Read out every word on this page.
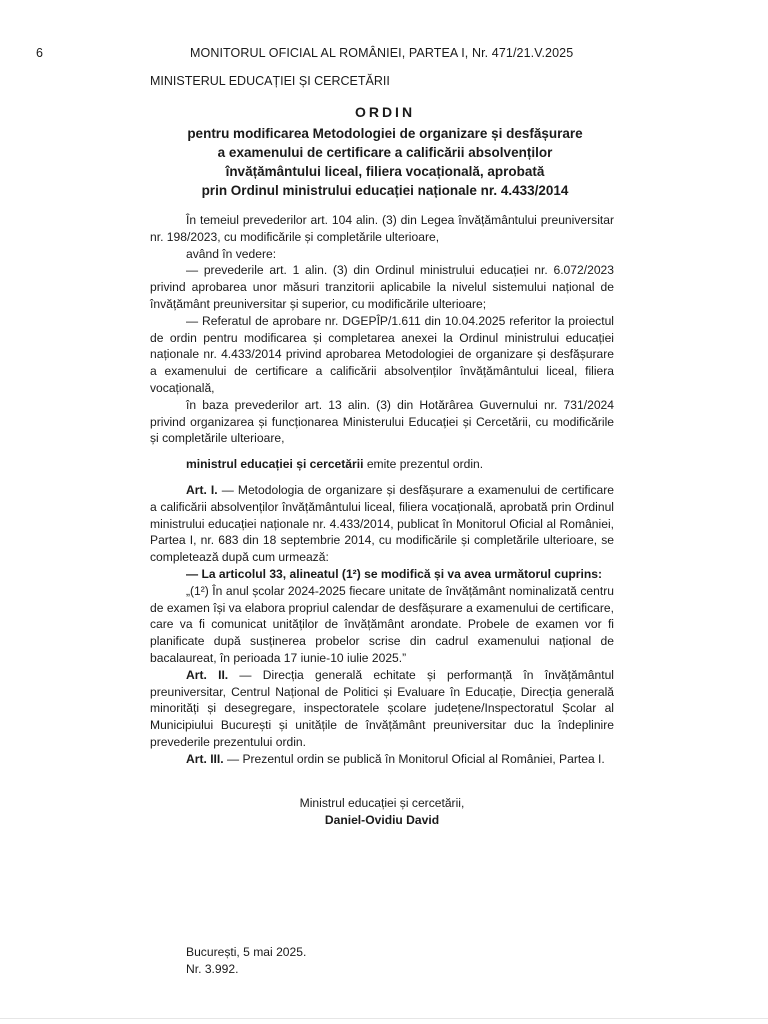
6	MONITORUL OFICIAL AL ROMÂNIEI, PARTEA I, Nr. 471/21.V.2025
MINISTERUL EDUCAȚIEI ȘI CERCETĂRII
ORDIN
pentru modificarea Metodologiei de organizare și desfășurare
a examenului de certificare a calificării absolvenților
învățământului liceal, filiera vocațională, aprobată
prin Ordinul ministrului educației naționale nr. 4.433/2014

În temeiul prevederilor art. 104 alin. (3) din Legea învățământului preuniversitar nr. 198/2023, cu modificările și completările ulterioare,

având în vedere:

— prevederile art. 1 alin. (3) din Ordinul ministrului educației nr. 6.072/2023 privind aprobarea unor măsuri tranzitorii aplicabile la nivelul sistemului național de învățământ preuniversitar și superior, cu modificările ulterioare;

— Referatul de aprobare nr. DGEPÎP/1.611 din 10.04.2025 referitor la proiectul de ordin pentru modificarea și completarea anexei la Ordinul ministrului educației naționale nr. 4.433/2014 privind aprobarea Metodologiei de organizare și desfășurare a examenului de certificare a calificării absolvenților învățământului liceal, filiera vocațională,

în baza prevederilor art. 13 alin. (3) din Hotărârea Guvernului nr. 731/2024 privind organizarea și funcționarea Ministerului Educației și Cercetării, cu modificările și completările ulterioare,

ministrul educației și cercetării emite prezentul ordin.

Art. I. — Metodologia de organizare și desfășurare a examenului de certificare a calificării absolvenților învățământului liceal, filiera vocațională, aprobată prin Ordinul ministrului educației naționale nr. 4.433/2014, publicat în Monitorul Oficial al României, Partea I, nr. 683 din 18 septembrie 2014, cu modificările și completările ulterioare, se completează după cum urmează:

— La articolul 33, alineatul (1²) se modifică și va avea următorul cuprins:

„(1²) În anul școlar 2024-2025 fiecare unitate de învățământ nominalizată centru de examen își va elabora propriul calendar de desfășurare a examenului de certificare, care va fi comunicat unităților de învățământ arondate. Probele de examen vor fi planificate după susținerea probelor scrise din cadrul examenului național de bacalaureat, în perioada 17 iunie-10 iulie 2025.”

Art. II. — Direcția generală echitate și performanță în învățământul preuniversitar, Centrul Național de Politici și Evaluare în Educație, Direcția generală minorități și desegregare, inspectoratele școlare județene/Inspectoratul Școlar al Municipiului București și unitățile de învățământ preuniversitar duc la îndeplinire prevederile prezentului ordin.

Art. III. — Prezentul ordin se publică în Monitorul Oficial al României, Partea I.

Ministrul educației și cercetării,
Daniel-Ovidiu David
București, 5 mai 2025.
Nr. 3.992.
